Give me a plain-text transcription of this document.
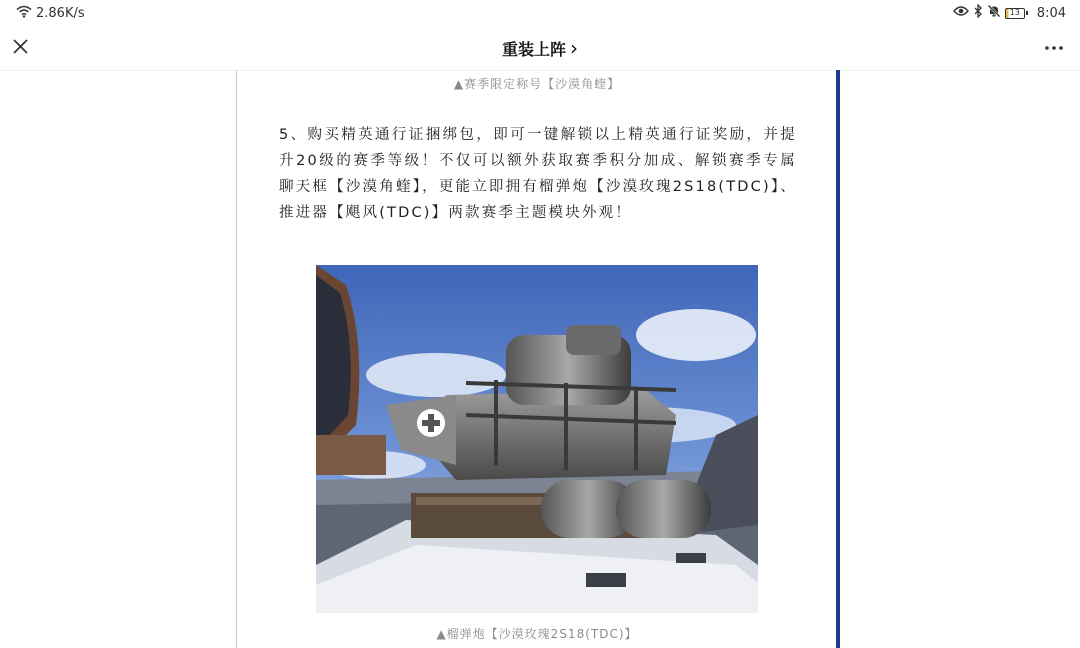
2.86K/s	13	8:04
重装上阵 ›
▲赛季限定称号【沙漠角蝰】
5、购买精英通行证捆绑包，即可一键解锁以上精英通行证奖励，并提升20级的赛季等级！不仅可以额外获取赛季积分加成、解锁赛季专属聊天框【沙漠角蝰】，更能立即拥有榴弹炮【沙漠玫瑰2S18(TDC)】、推进器【飓风(TDC)】两款赛季主题模块外观！
▲榴弹炮【沙漠玫瑰2S18(TDC)】
